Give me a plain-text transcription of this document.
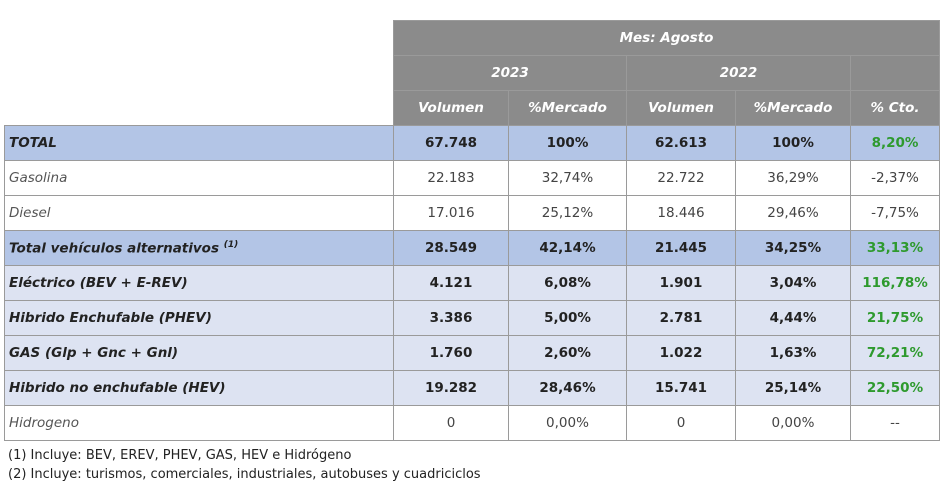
	Mes: Agosto				
	2023		2022		
	Volumen	%Mercado	Volumen	%Mercado	% Cto.
TOTAL	67.748	100%	62.613	100%	8,20%
Gasolina	22.183	32,74%	22.722	36,29%	-2,37%
Diesel	17.016	25,12%	18.446	29,46%	-7,75%
Total vehículos alternativos $^{(1)}$	28.549	42,14%	21.445	34,25%	33,13%
Eléctrico (BEV + E-REV)	4.121	6,08%	1.901	3,04%	116,78%
Hibrido Enchufable (PHEV)	3.386	5,00%	2.781	4,44%	21,75%
GAS (Glp + Gnc + Gnl)	1.760	2,60%	1.022	1,63%	72,21%
Hibrido no enchufable (HEV)	19.282	28,46%	15.741	25,14%	22,50%
Hidrogeno	0	0,00%	0	0,00%	--
(1) Incluye: BEV, EREV, PHEV, GAS, HEV e Hidrógeno
(2) Incluye: turismos, comerciales, industriales, autobuses y cuadriciclos
